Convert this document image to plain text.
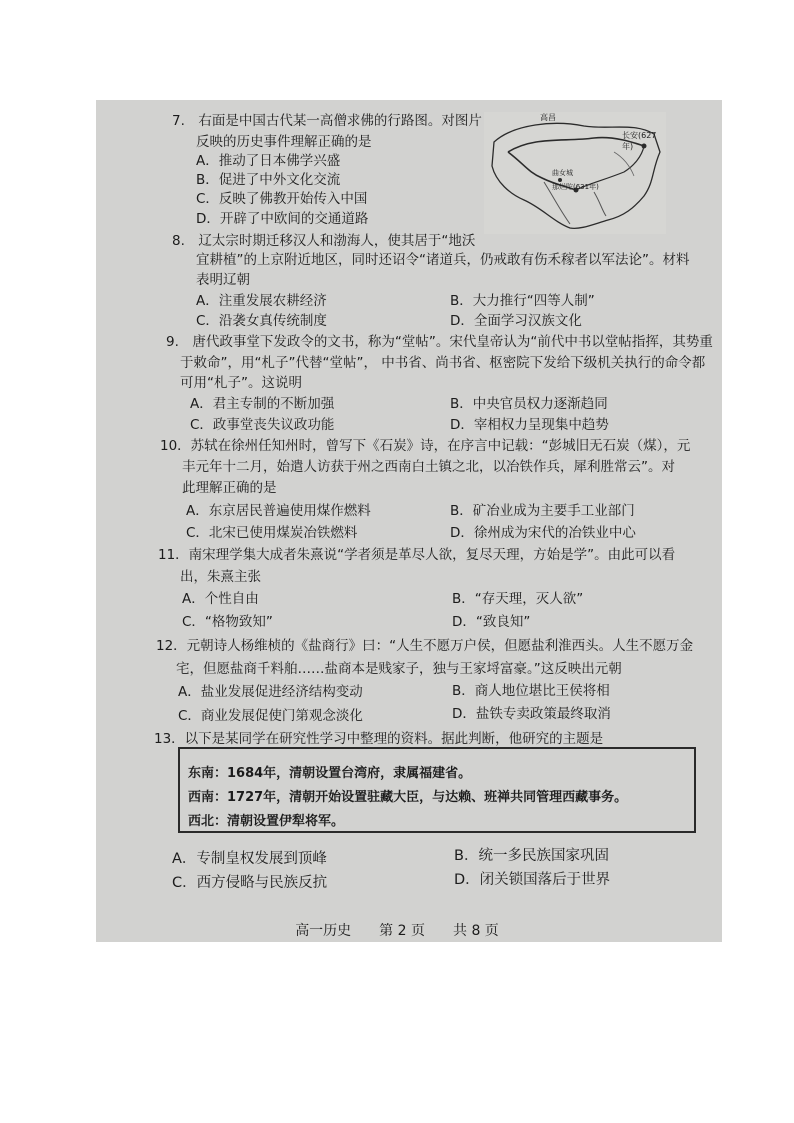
7.　右面是中国古代某一高僧求佛的行路图。对图片
反映的历史事件理解正确的是
A．推动了日本佛学兴盛
B．促进了中外文化交流
C．反映了佛教开始传入中国
D．开辟了中欧间的交通道路
高昌
长安(627年)
曲女城
那烂陀(631年)
8.　辽太宗时期迁移汉人和渤海人，使其居于“地沃
宜耕植”的上京附近地区，同时还诏令“诸道兵，仍戒敢有伤禾稼者以军法论”。材料
表明辽朝
A．注重发展农耕经济	B．大力推行“四等人制”
C．沿袭女真传统制度	D．全面学习汉族文化
9.　唐代政事堂下发政令的文书，称为“堂帖”。宋代皇帝认为“前代中书以堂帖指挥，其势重
于敕命”，用“札子”代替“堂帖”， 中书省、尚书省、枢密院下发给下级机关执行的命令都
可用“札子”。这说明
A．君主专制的不断加强	B．中央官员权力逐渐趋同
C．政事堂丧失议政功能	D．宰相权力呈现集中趋势
10．苏轼在徐州任知州时，曾写下《石炭》诗，在序言中记载：“彭城旧无石炭（煤），元
丰元年十二月，始遣人访获于州之西南白土镇之北，以冶铁作兵，犀利胜常云”。对
此理解正确的是
A．东京居民普遍使用煤作燃料	B．矿冶业成为主要手工业部门
C．北宋已使用煤炭冶铁燃料	D．徐州成为宋代的冶铁业中心
11．南宋理学集大成者朱熹说“学者须是革尽人欲，复尽天理，方始是学”。由此可以看
出，朱熹主张
A．个性自由	B．“存天理，灭人欲”
C．“格物致知”	D．“致良知”
12．元朝诗人杨维桢的《盐商行》曰：“人生不愿万户侯，但愿盐利淮西头。人生不愿万金
宅，但愿盐商千料舶……盐商本是贱家子，独与王家埒富豪。”这反映出元朝
A．盐业发展促进经济结构变动	B．商人地位堪比王侯将相
C．商业发展促使门第观念淡化	D．盐铁专卖政策最终取消
13．以下是某同学在研究性学习中整理的资料。据此判断，他研究的主题是
东南：1684年，清朝设置台湾府，隶属福建省。
西南：1727年，清朝开始设置驻藏大臣，与达赖、班禅共同管理西藏事务。
西北：清朝设置伊犁将军。
A．专制皇权发展到顶峰	B．统一多民族国家巩固
C．西方侵略与民族反抗	D．闭关锁国落后于世界
高一历史　　第 2 页　　共 8 页
